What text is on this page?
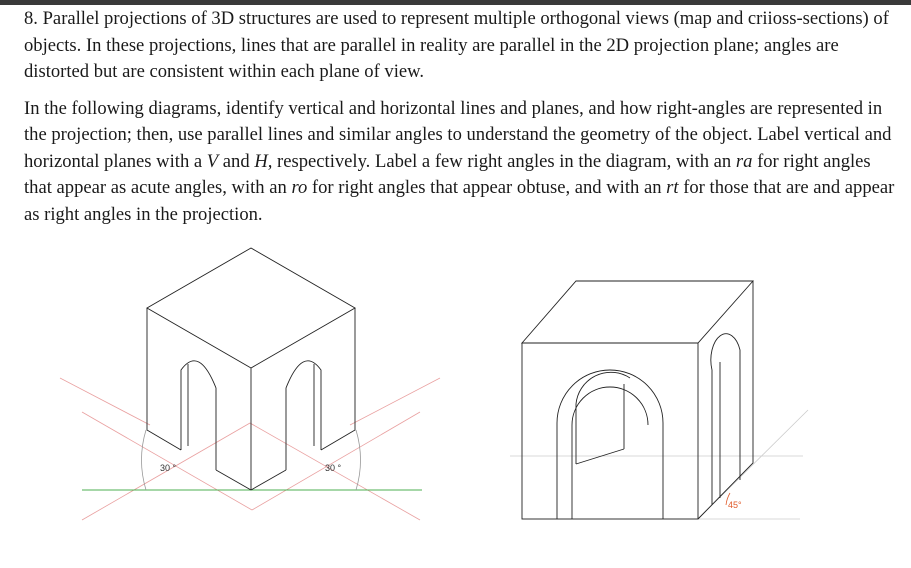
8. Parallel projections of 3D structures are used to represent multiple orthogonal views (map and criioss-sections) of objects. In these projections, lines that are parallel in reality are parallel in the 2D projection plane; angles are distorted but are consistent within each plane of view.

In the following diagrams, identify vertical and horizontal lines and planes, and how right-angles are represented in the projection; then, use parallel lines and similar angles to understand the geometry of the object. Label vertical and horizontal planes with a V and H, respectively. Label a few right angles in the diagram, with an ra for right angles that appear as acute angles, with an ro for right angles that appear obtuse, and with an rt for those that are and appear as right angles in the projection.

30 °	30 °
45°
